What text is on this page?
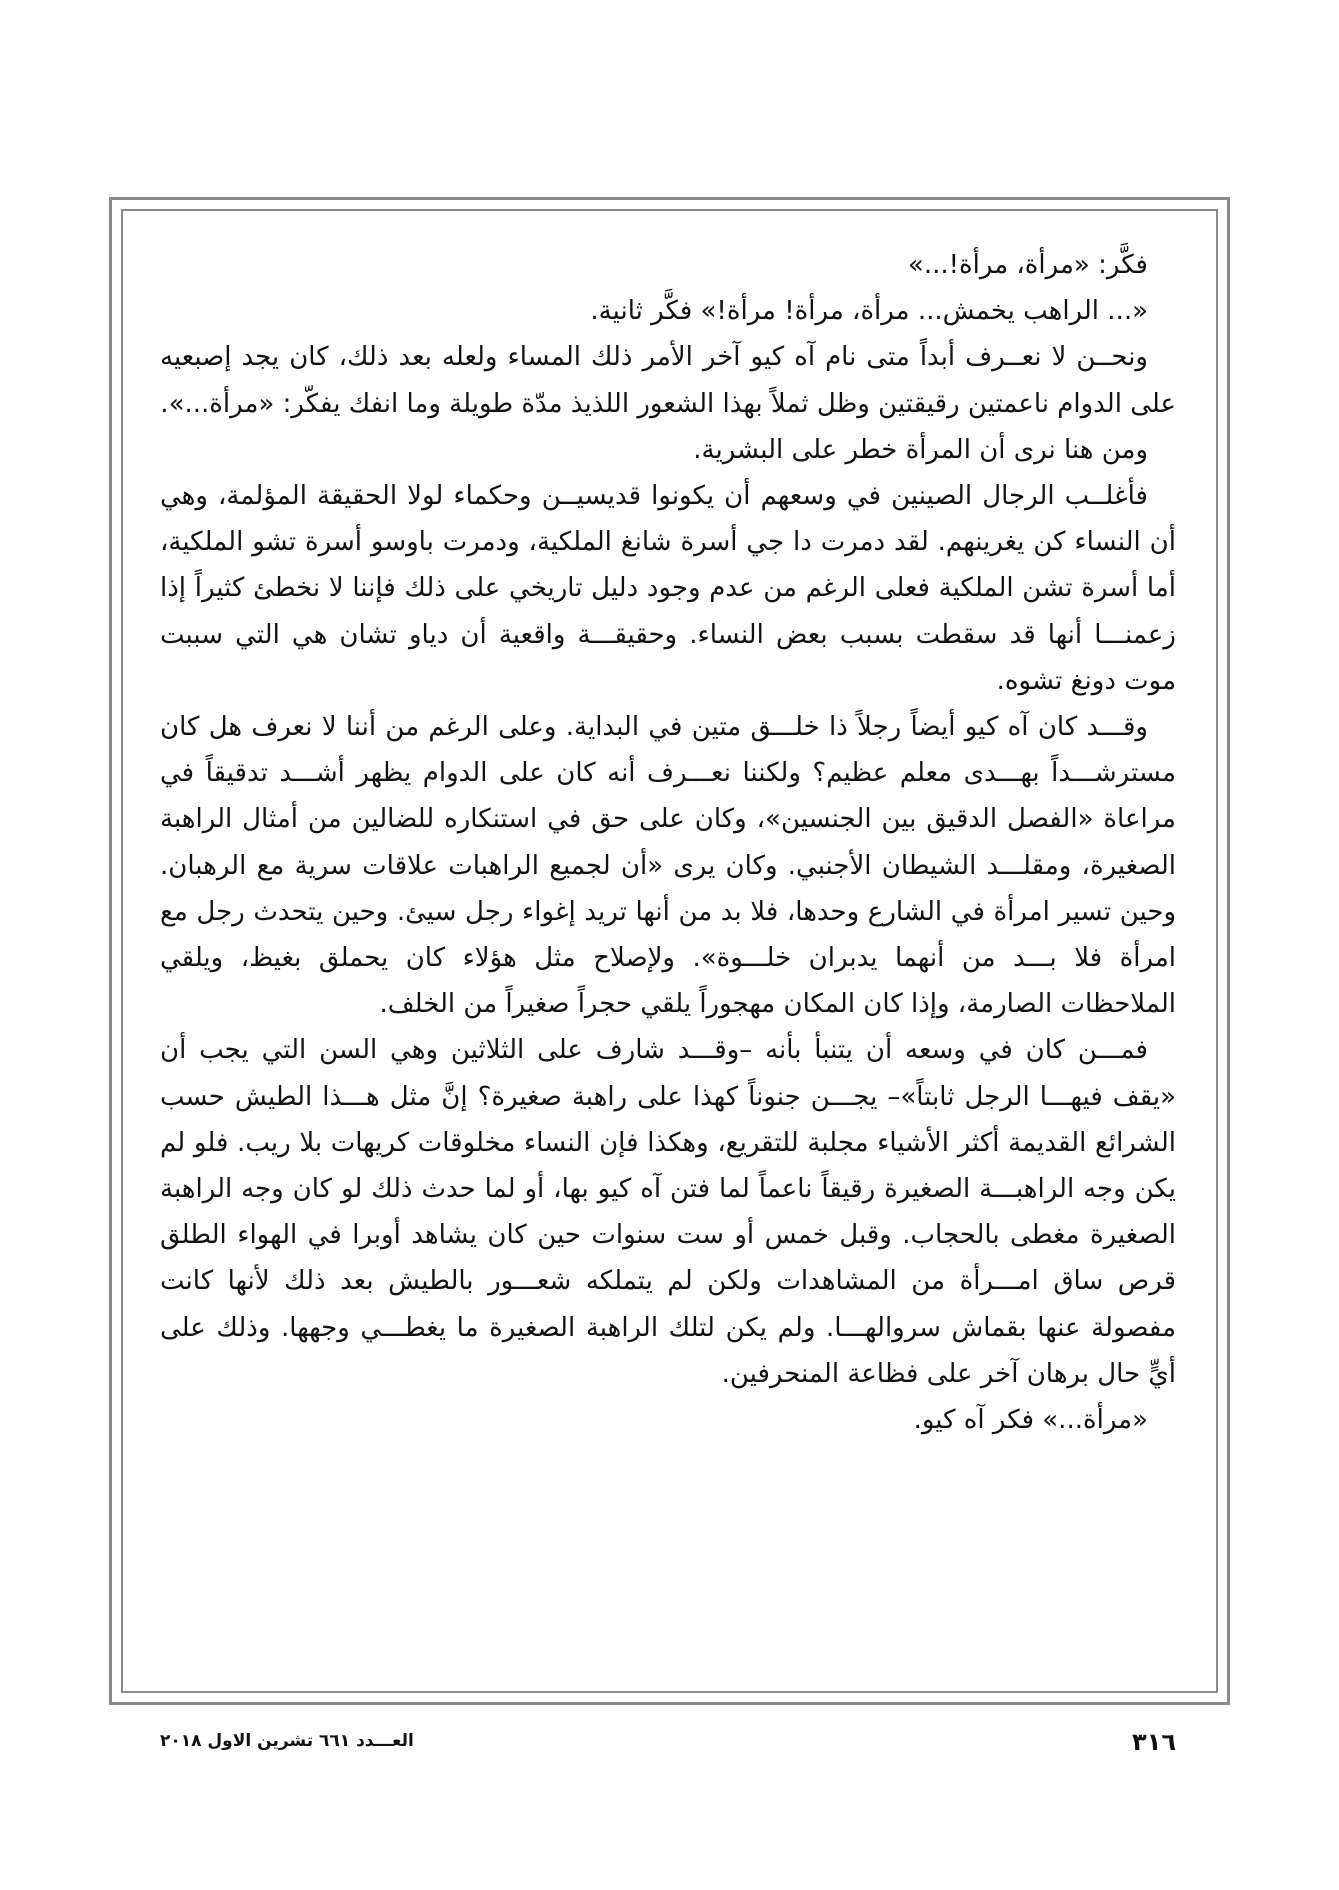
فكَّر: «مرأة، مرأة!...»

«... الراهب يخمش... مرأة، مرأة! مرأة!» فكَّر ثانية.

ونحــن لا نعــرف أبداً متى نام آه كيو آخر الأمر ذلك المساء ولعله بعد ذلك، كان يجد إصبعيه على الدوام ناعمتين رقيقتين وظل ثملاً بهذا الشعور اللذيذ مدّة طويلة وما انفك يفكّر: «مرأة...».

ومن هنا نرى أن المرأة خطر على البشرية.

فأغلــب الرجال الصينين في وسعهم أن يكونوا قديسيــن وحكماء لولا الحقيقة المؤلمة، وهي أن النساء كن يغرينهم. لقد دمرت دا جي أسرة شانغ الملكية، ودمرت باوسو أسرة تشو الملكية، أما أسرة تشن الملكية فعلى الرغم من عدم وجود دليل تاريخي على ذلك فإننا لا نخطئ كثيراً إذا زعمنـــا أنها قد سقطت بسبب بعض النساء. وحقيقـــة واقعية أن دياو تشان هي التي سببت موت دونغ تشوه.

وقـــد كان آه كيو أيضاً رجلاً ذا خلـــق متين في البداية. وعلى الرغم من أننا لا نعرف هل كان مسترشـــداً بهـــدى معلم عظيم؟ ولكننا نعـــرف أنه كان على الدوام يظهر أشـــد تدقيقاً في مراعاة «الفصل الدقيق بين الجنسين»، وكان على حق في استنكاره للضالين من أمثال الراهبة الصغيرة، ومقلـــد الشيطان الأجنبي. وكان يرى «أن لجميع الراهبات علاقات سرية مع الرهبان. وحين تسير امرأة في الشارع وحدها، فلا بد من أنها تريد إغواء رجل سيئ. وحين يتحدث رجل مع امرأة فلا بـــد من أنهما يدبران خلـــوة». ولإصلاح مثل هؤلاء كان يحملق بغيظ، ويلقي الملاحظات الصارمة، وإذا كان المكان مهجوراً يلقي حجراً صغيراً من الخلف.

فمـــن كان في وسعه أن يتنبأ بأنه –وقـــد شارف على الثلاثين وهي السن التي يجب أن «يقف فيهـــا الرجل ثابتاً»– يجـــن جنوناً كهذا على راهبة صغيرة؟ إنَّ مثل هـــذا الطيش حسب الشرائع القديمة أكثر الأشياء مجلبة للتقريع، وهكذا فإن النساء مخلوقات كريهات بلا ريب. فلو لم يكن وجه الراهبـــة الصغيرة رقيقاً ناعماً لما فتن آه كيو بها، أو لما حدث ذلك لو كان وجه الراهبة الصغيرة مغطى بالحجاب. وقبل خمس أو ست سنوات حين كان يشاهد أوبرا في الهواء الطلق قرص ساق امـــرأة من المشاهدات ولكن لم يتملكه شعـــور بالطيش بعد ذلك لأنها كانت مفصولة عنها بقماش سروالهـــا. ولم يكن لتلك الراهبة الصغيرة ما يغطـــي وجهها. وذلك على أيٍّ حال برهان آخر على فظاعة المنحرفين.

«مرأة...» فكر آه كيو.

٣١٦
العـــدد ٦٦١ تشرين الاول ٢٠١٨
